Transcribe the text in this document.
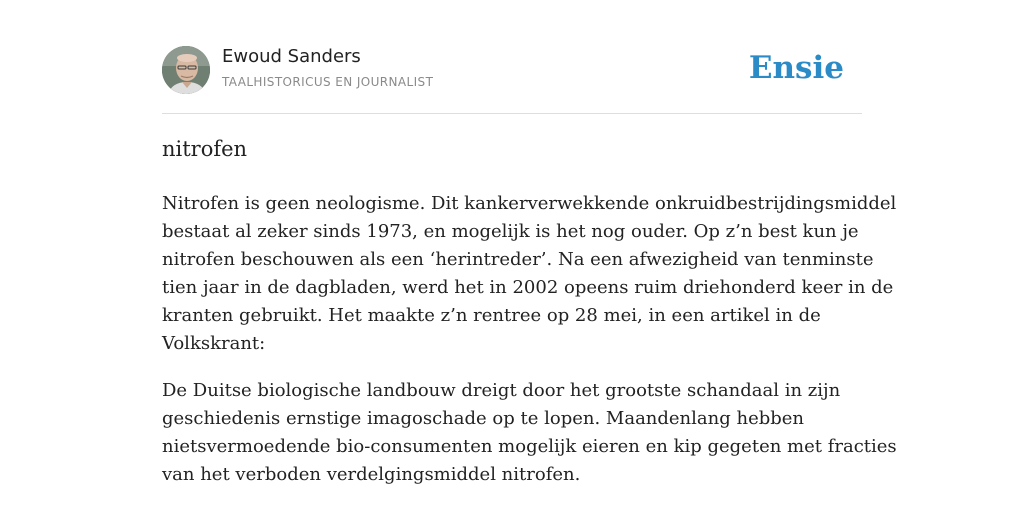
Ewoud Sanders
TAALHISTORICUS EN JOURNALIST	Ensie
nitrofen

Nitrofen is geen neologisme. Dit kankerverwekkende onkruidbestrijdingsmiddel
bestaat al zeker sinds 1973, en mogelijk is het nog ouder. Op z’n best kun je
nitrofen beschouwen als een ‘herintreder’. Na een afwezigheid van tenminste
tien jaar in de dagbladen, werd het in 2002 opeens ruim driehonderd keer in de
kranten gebruikt. Het maakte z’n rentree op 28 mei, in een artikel in de
Volkskrant:

De Duitse biologische landbouw dreigt door het grootste schandaal in zijn
geschiedenis ernstige imagoschade op te lopen. Maandenlang hebben
nietsvermoedende bio-consumenten mogelijk eieren en kip gegeten met fracties
van het verboden verdelgingsmiddel nitrofen.
